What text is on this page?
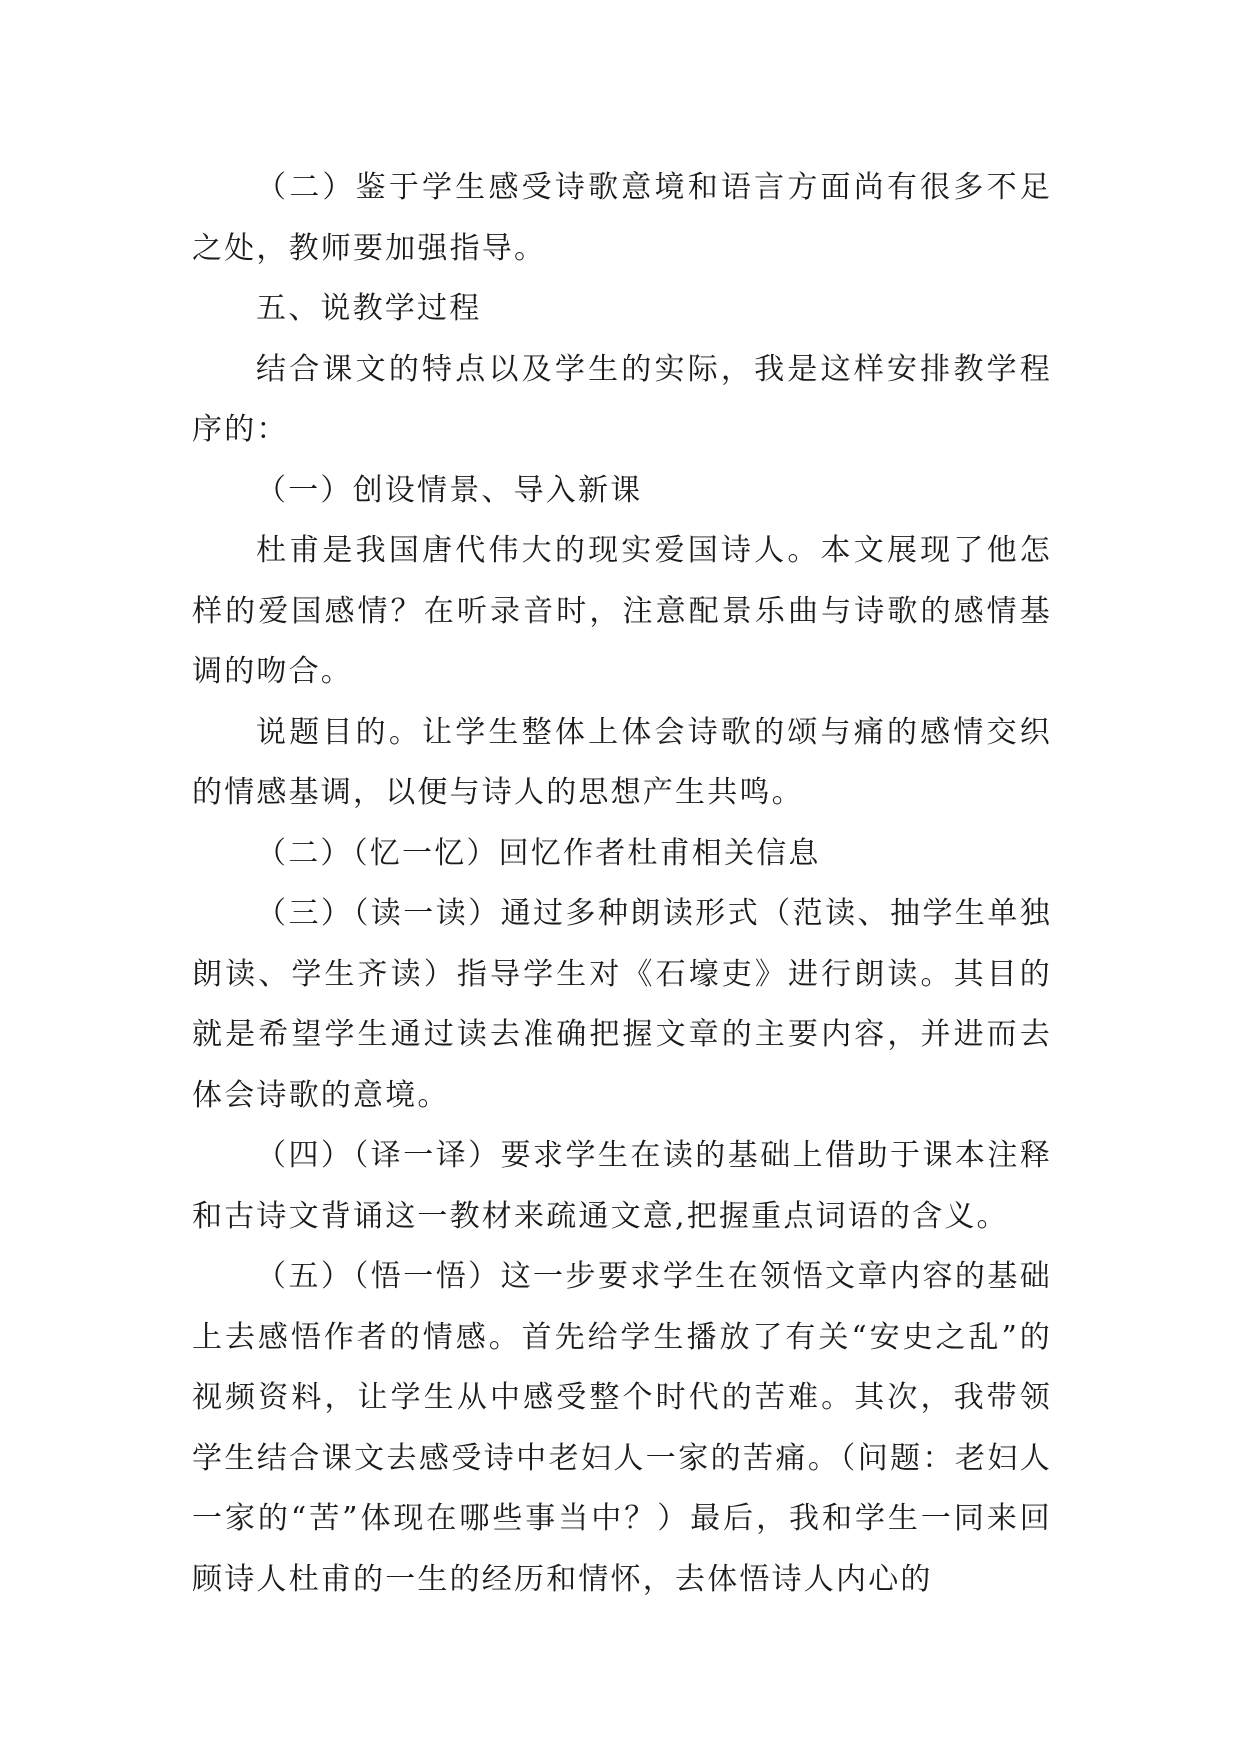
（二）鉴于学生感受诗歌意境和语言方面尚有很多不足之处，教师要加强指导。

五、说教学过程

结合课文的特点以及学生的实际，我是这样安排教学程序的：

（一）创设情景、导入新课

杜甫是我国唐代伟大的现实爱国诗人。本文展现了他怎样的爱国感情？在听录音时，注意配景乐曲与诗歌的感情基调的吻合。

说题目的。让学生整体上体会诗歌的颂与痛的感情交织的情感基调，以便与诗人的思想产生共鸣。

（二）（忆一忆）回忆作者杜甫相关信息

（三）（读一读）通过多种朗读形式（范读、抽学生单独朗读、学生齐读）指导学生对《石壕吏》进行朗读。其目的就是希望学生通过读去准确把握文章的主要内容，并进而去体会诗歌的意境。

（四）（译一译）要求学生在读的基础上借助于课本注释和古诗文背诵这一教材来疏通文意,把握重点词语的含义。

（五）（悟一悟）这一步要求学生在领悟文章内容的基础上去感悟作者的情感。首先给学生播放了有关“安史之乱”的视频资料，让学生从中感受整个时代的苦难。其次，我带领学生结合课文去感受诗中老妇人一家的苦痛。（问题：老妇人一家的“苦”体现在哪些事当中？）最后，我和学生一同来回顾诗人杜甫的一生的经历和情怀，去体悟诗人内心的
